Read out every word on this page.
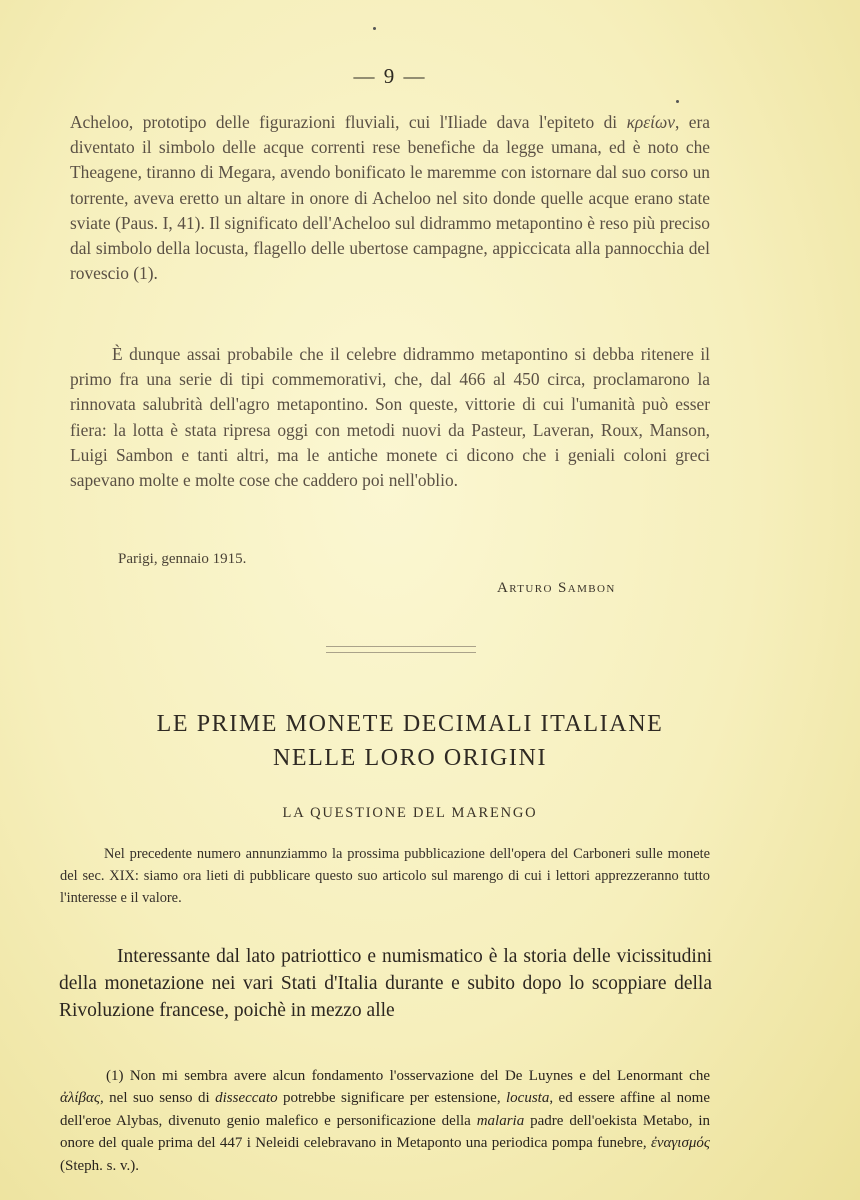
— 9 —

Acheloo, prototipo delle figurazioni fluviali, cui l'Iliade dava l'epiteto di κρείων, era diventato il simbolo delle acque correnti rese benefiche da legge umana, ed è noto che Theagene, tiranno di Megara, avendo bonificato le maremme con istornare dal suo corso un torrente, aveva eretto un altare in onore di Acheloo nel sito donde quelle acque erano state sviate (Paus. I, 41). Il significato dell'Acheloo sul didrammo metapontino è reso più preciso dal simbolo della locusta, flagello delle ubertose campagne, appiccicata alla pannocchia del rovescio (1).

È dunque assai probabile che il celebre didrammo metapontino si debba ritenere il primo fra una serie di tipi commemorativi, che, dal 466 al 450 circa, proclamarono la rinnovata salubrità dell'agro metapontino. Son queste, vittorie di cui l'umanità può esser fiera: la lotta è stata ripresa oggi con metodi nuovi da Pasteur, Laveran, Roux, Manson, Luigi Sambon e tanti altri, ma le antiche monete ci dicono che i geniali coloni greci sapevano molte e molte cose che caddero poi nell'oblio.

Parigi, gennaio 1915.
Arturo Sambon
LE PRIME MONETE DECIMALI ITALIANE
NELLE LORO ORIGINI
LA QUESTIONE DEL MARENGO

Nel precedente numero annunziammo la prossima pubblicazione dell'opera del Carboneri sulle monete del sec. XIX: siamo ora lieti di pubblicare questo suo articolo sul marengo di cui i lettori apprezzeranno tutto l'interesse e il valore.

Interessante dal lato patriottico e numismatico è la storia delle vicissitudini della monetazione nei vari Stati d'Italia durante e subito dopo lo scoppiare della Rivoluzione francese, poichè in mezzo alle

(1) Non mi sembra avere alcun fondamento l'osservazione del De Luynes e del Lenormant che ἀλίβας, nel suo senso di disseccato potrebbe significare per estensione, locusta, ed essere affine al nome dell'eroe Alybas, divenuto genio malefico e personificazione della malaria padre dell'oekista Metabo, in onore del quale prima del 447 i Neleidi celebravano in Metaponto una periodica pompa funebre, ἐναγισμός (Steph. s. v.).
